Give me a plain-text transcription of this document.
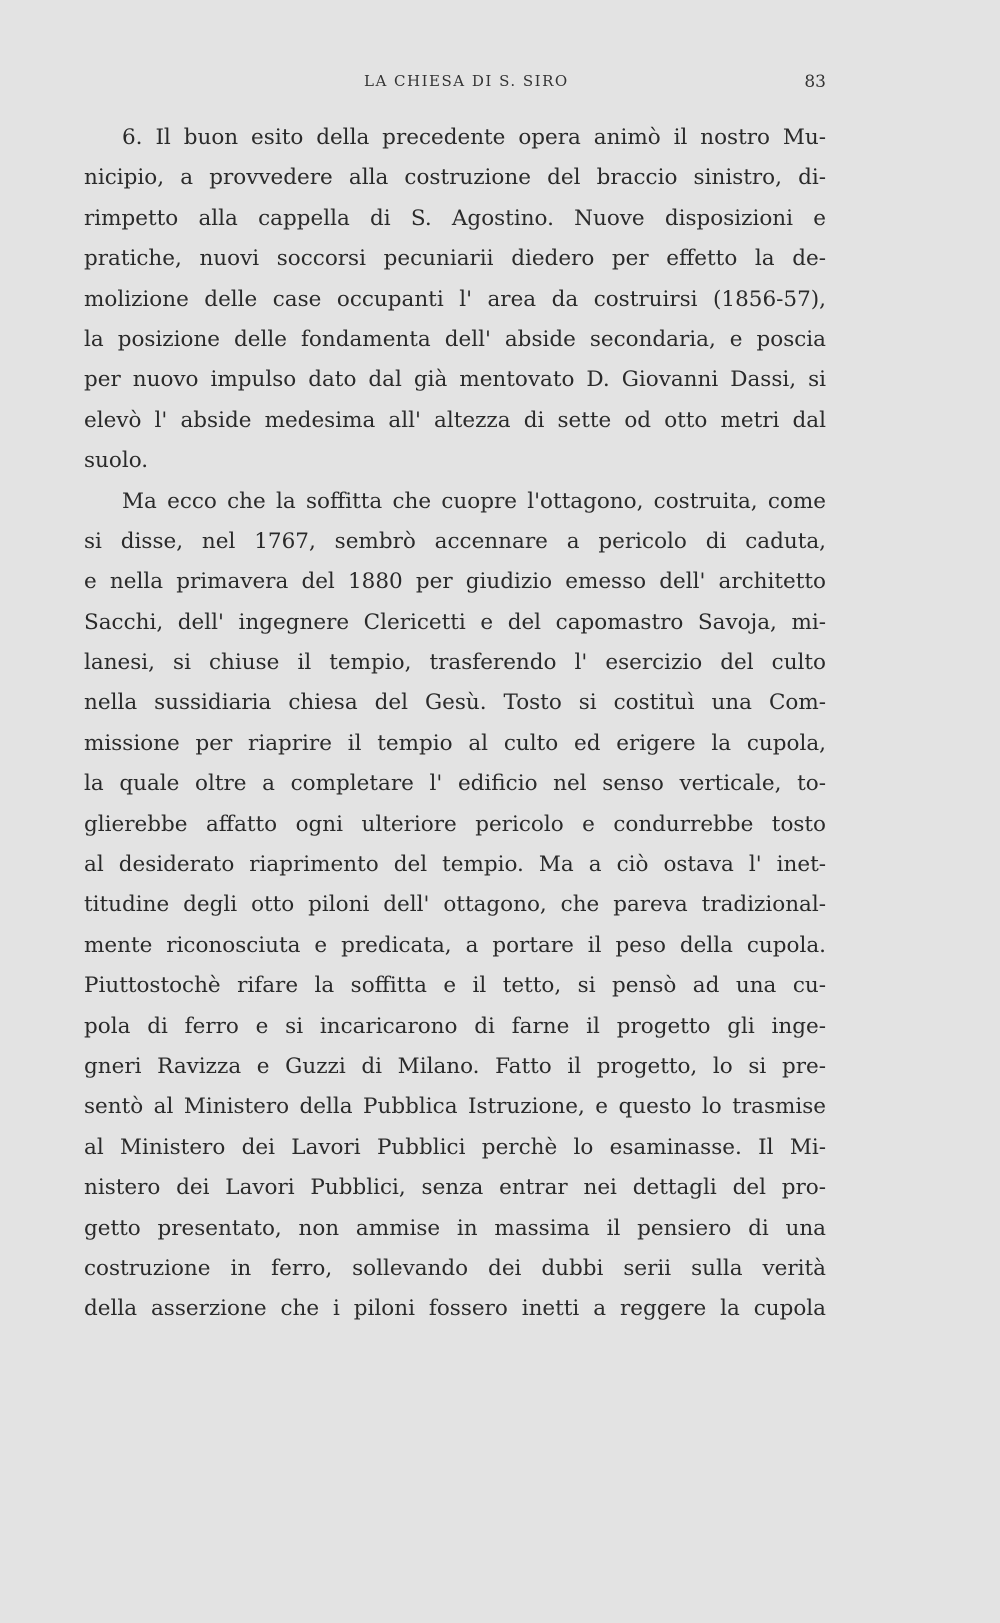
LA CHIESA DI S. SIRO	83
6. Il buon esito della precedente opera animò il nostro Mu-
nicipio, a provvedere alla costruzione del braccio sinistro, di-
rimpetto alla cappella di S. Agostino. Nuove disposizioni e
pratiche, nuovi soccorsi pecuniarii diedero per effetto la de-
molizione delle case occupanti l' area da costruirsi (1856-57),
la posizione delle fondamenta dell' abside secondaria, e poscia
per nuovo impulso dato dal già mentovato D. Giovanni Dassi, si
elevò l' abside medesima all' altezza di sette od otto metri dal
suolo.
Ma ecco che la soffitta che cuopre l'ottagono, costruita, come
si disse, nel 1767, sembrò accennare a pericolo di caduta,
e nella primavera del 1880 per giudizio emesso dell' architetto
Sacchi, dell' ingegnere Clericetti e del capomastro Savoja, mi-
lanesi, si chiuse il tempio, trasferendo l' esercizio del culto
nella sussidiaria chiesa del Gesù. Tosto si costituì una Com-
missione per riaprire il tempio al culto ed erigere la cupola,
la quale oltre a completare l' edificio nel senso verticale, to-
glierebbe affatto ogni ulteriore pericolo e condurrebbe tosto
al desiderato riaprimento del tempio. Ma a ciò ostava l' inet-
titudine degli otto piloni dell' ottagono, che pareva tradizional-
mente riconosciuta e predicata, a portare il peso della cupola.
Piuttostochè rifare la soffitta e il tetto, si pensò ad una cu-
pola di ferro e si incaricarono di farne il progetto gli inge-
gneri Ravizza e Guzzi di Milano. Fatto il progetto, lo si pre-
sentò al Ministero della Pubblica Istruzione, e questo lo trasmise
al Ministero dei Lavori Pubblici perchè lo esaminasse. Il Mi-
nistero dei Lavori Pubblici, senza entrar nei dettagli del pro-
getto presentato, non ammise in massima il pensiero di una
costruzione in ferro, sollevando dei dubbi serii sulla verità
della asserzione che i piloni fossero inetti a reggere la cupola
